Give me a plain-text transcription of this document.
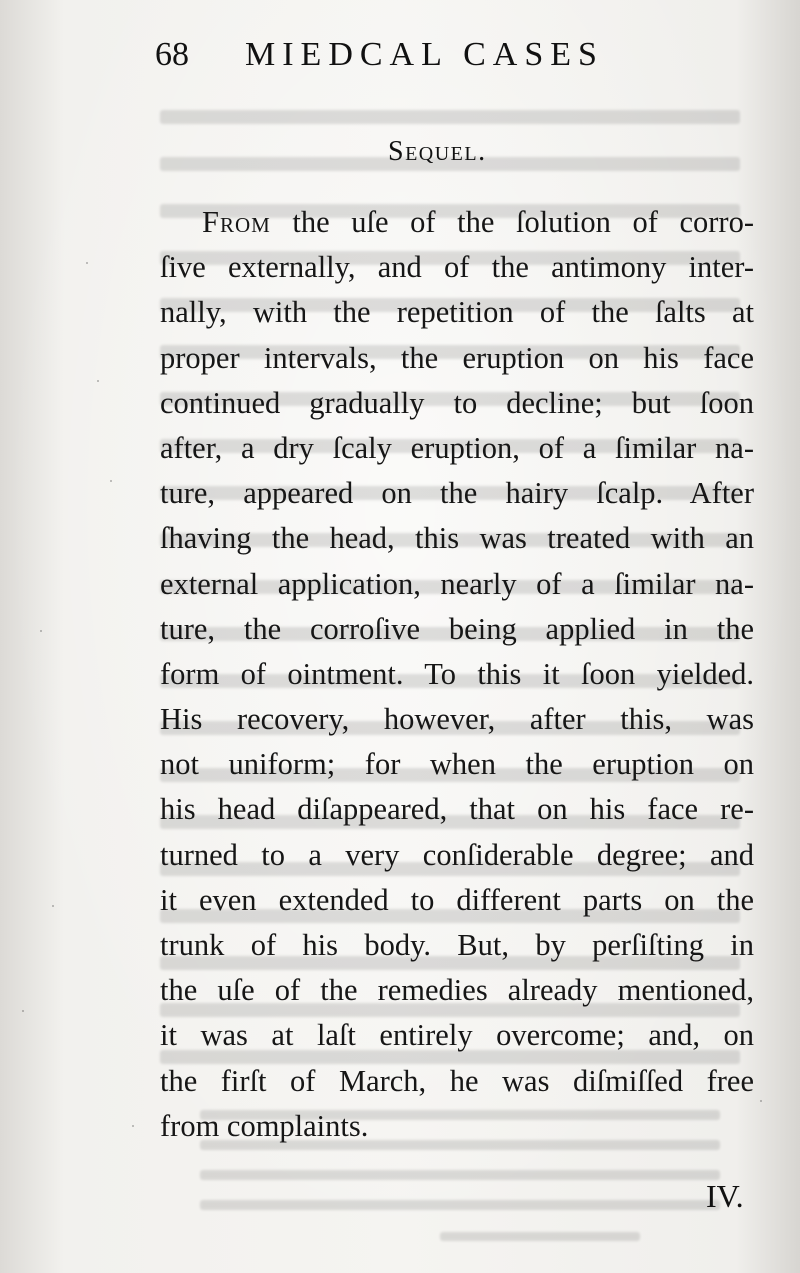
68 MIEDCAL CASES
Sequel.
From the uſe of the ſolution of corro-
ſive externally, and of the antimony inter-
nally, with the repetition of the ſalts at
proper intervals, the eruption on his face
continued gradually to decline; but ſoon
after, a dry ſcaly eruption, of a ſimilar na-
ture, appeared on the hairy ſcalp. After
ſhaving the head, this was treated with an
external application, nearly of a ſimilar na-
ture, the corroſive being applied in the
form of ointment. To this it ſoon yielded.
His recovery, however, after this, was
not uniform; for when the eruption on
his head diſappeared, that on his face re-
turned to a very conſiderable degree; and
it even extended to different parts on the
trunk of his body. But, by perſiſting in
the uſe of the remedies already mentioned,
it was at laſt entirely overcome; and, on
the firſt of March, he was diſmiſſed free
from complaints.
IV.
